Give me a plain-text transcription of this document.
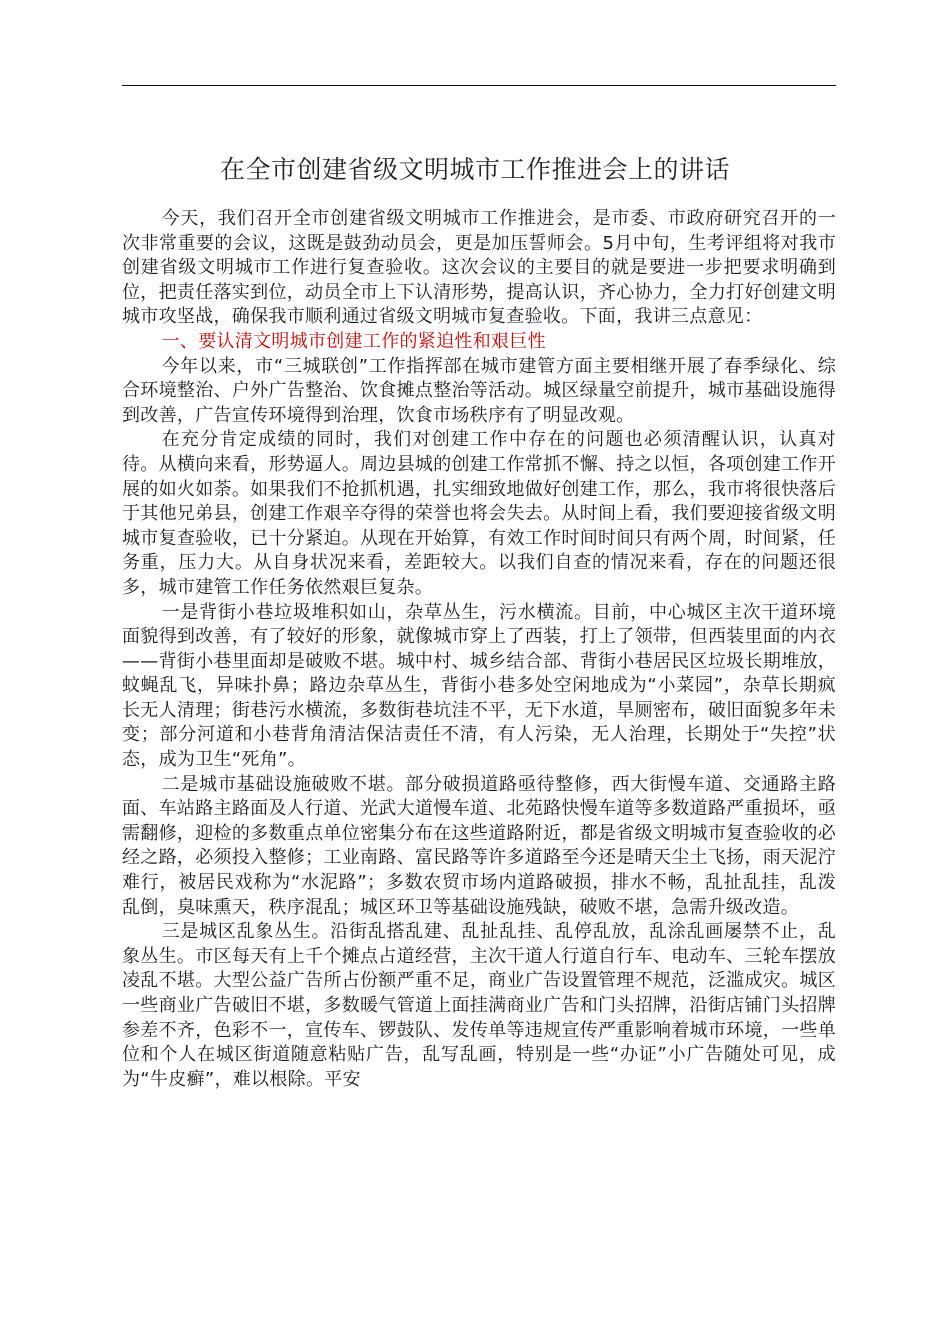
在全市创建省级文明城市工作推进会上的讲话

今天，我们召开全市创建省级文明城市工作推进会，是市委、市政府研究召开的一次非常重要的会议，这既是鼓劲动员会，更是加压誓师会。5月中旬，生考评组将对我市创建省级文明城市工作进行复查验收。这次会议的主要目的就是要进一步把要求明确到位，把责任落实到位，动员全市上下认清形势，提高认识，齐心协力，全力打好创建文明城市攻坚战，确保我市顺利通过省级文明城市复查验收。下面，我讲三点意见：

一、要认清文明城市创建工作的紧迫性和艰巨性

今年以来，市“三城联创”工作指挥部在城市建管方面主要相继开展了春季绿化、综合环境整治、户外广告整治、饮食摊点整治等活动。城区绿量空前提升，城市基础设施得到改善，广告宣传环境得到治理，饮食市场秩序有了明显改观。

在充分肯定成绩的同时，我们对创建工作中存在的问题也必须清醒认识，认真对待。从横向来看，形势逼人。周边县城的创建工作常抓不懈、持之以恒，各项创建工作开展的如火如荼。如果我们不抢抓机遇，扎实细致地做好创建工作，那么，我市将很快落后于其他兄弟县，创建工作艰辛夺得的荣誉也将会失去。从时间上看，我们要迎接省级文明城市复查验收，已十分紧迫。从现在开始算，有效工作时间时间只有两个周，时间紧，任务重，压力大。从自身状况来看，差距较大。以我们自查的情况来看，存在的问题还很多，城市建管工作任务依然艰巨复杂。

一是背街小巷垃圾堆积如山，杂草丛生，污水横流。目前，中心城区主次干道环境面貌得到改善，有了较好的形象，就像城市穿上了西装，打上了领带，但西装里面的内衣——背街小巷里面却是破败不堪。城中村、城乡结合部、背街小巷居民区垃圾长期堆放，蚊蝇乱飞，异味扑鼻；路边杂草丛生，背街小巷多处空闲地成为“小菜园”，杂草长期疯长无人清理；街巷污水横流，多数街巷坑洼不平，无下水道，旱厕密布，破旧面貌多年未变；部分河道和小巷背角清洁保洁责任不清，有人污染，无人治理，长期处于“失控”状态，成为卫生“死角”。

二是城市基础设施破败不堪。部分破损道路亟待整修，西大街慢车道、交通路主路面、车站路主路面及人行道、光武大道慢车道、北苑路快慢车道等多数道路严重损坏，亟需翻修，迎检的多数重点单位密集分布在这些道路附近，都是省级文明城市复查验收的必经之路，必须投入整修；工业南路、富民路等许多道路至今还是晴天尘土飞扬，雨天泥泞难行，被居民戏称为“水泥路”；多数农贸市场内道路破损，排水不畅，乱扯乱挂，乱泼乱倒，臭味熏天，秩序混乱；城区环卫等基础设施残缺，破败不堪，急需升级改造。

三是城区乱象丛生。沿街乱搭乱建、乱扯乱挂、乱停乱放，乱涂乱画屡禁不止，乱象丛生。市区每天有上千个摊点占道经营，主次干道人行道自行车、电动车、三轮车摆放凌乱不堪。大型公益广告所占份额严重不足，商业广告设置管理不规范，泛滥成灾。城区一些商业广告破旧不堪，多数暖气管道上面挂满商业广告和门头招牌，沿街店铺门头招牌参差不齐，色彩不一，宣传车、锣鼓队、发传单等违规宣传严重影响着城市环境，一些单位和个人在城区街道随意粘贴广告，乱写乱画，特别是一些“办证”小广告随处可见，成为“牛皮癣”，难以根除。平安
